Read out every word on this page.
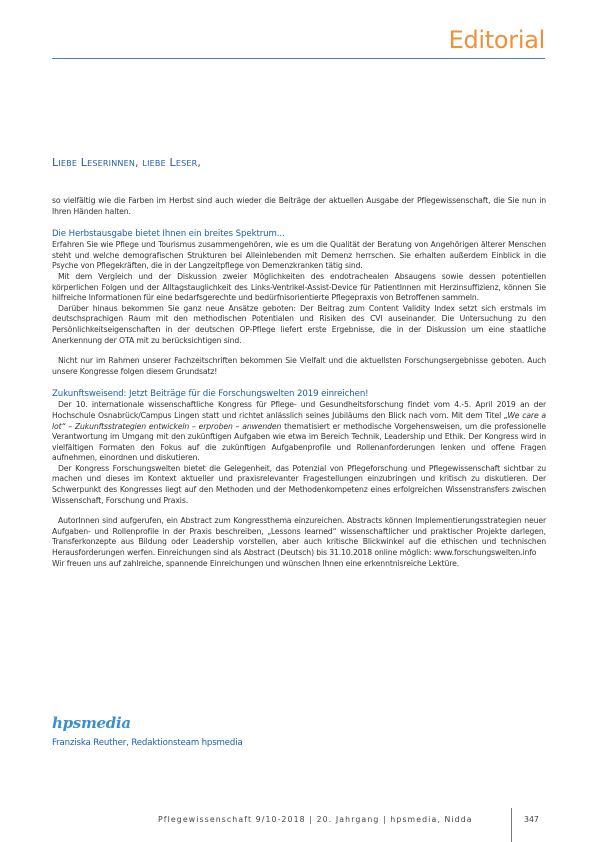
Editorial
Liebe Leserinnen, liebe Leser,

so vielfältig wie die Farben im Herbst sind auch wieder die Beiträge der aktuellen Ausgabe der Pflegewissenschaft, die Sie nun in Ihren Händen halten.

Die Herbstausgabe bietet Ihnen ein breites Spektrum...

Erfahren Sie wie Pflege und Tourismus zusammengehören, wie es um die Qualität der Beratung von Angehörigen älterer Menschen steht und welche demografischen Strukturen bei Alleinlebenden mit Demenz herrschen. Sie erhalten außerdem Einblick in die Psyche von Pflegekräften, die in der Langzeitpflege von Demenzkranken tätig sind.

Mit dem Vergleich und der Diskussion zweier Möglichkeiten des endotrachealen Absaugens sowie dessen potentiellen körperlichen Folgen und der Alltagstauglichkeit des Links-Ventrikel-Assist-Device für PatientInnen mit Herzinsuffizienz, können Sie hilfreiche Informationen für eine bedarfsgerechte und bedürfnisorientierte Pflegepraxis von Betroffenen sammeln.

Darüber hinaus bekommen Sie ganz neue Ansätze geboten: Der Beitrag zum Content Validity Index setzt sich erstmals im deutschsprachigen Raum mit den methodischen Potentialen und Risiken des CVI auseinander. Die Untersuchung zu den Persönlichkeitseigenschaften in der deutschen OP-Pflege liefert erste Ergebnisse, die in der Diskussion um eine staatliche Anerkennung der OTA mit zu berücksichtigen sind.

Nicht nur im Rahmen unserer Fachzeitschriften bekommen Sie Vielfalt und die aktuellsten Forschungsergebnisse geboten. Auch unsere Kongresse folgen diesem Grundsatz!

Zukunftsweisend: Jetzt Beiträge für die Forschungswelten 2019 einreichen!

Der 10. internationale wissenschaftliche Kongress für Pflege- und Gesundheitsforschung findet vom 4.-5. April 2019 an der Hochschule Osnabrück/Campus Lingen statt und richtet anlässlich seines Jubiläums den Blick nach vorn. Mit dem Titel „We care a lot“ – Zukunftsstrategien entwickeln – erproben – anwenden thematisiert er methodische Vorgehensweisen, um die professionelle Verantwortung im Umgang mit den zukünftigen Aufgaben wie etwa im Bereich Technik, Leadership und Ethik. Der Kongress wird in vielfältigen Formaten den Fokus auf die zukünftigen Aufgabenprofile und Rollenanforderungen lenken und offene Fragen aufnehmen, einordnen und diskutieren.

Der Kongress Forschungswelten bietet die Gelegenheit, das Potenzial von Pflegeforschung und Pflegewissenschaft sichtbar zu machen und dieses im Kontext aktueller und praxisrelevanter Fragestellungen einzubringen und kritisch zu diskutieren. Der Schwerpunkt des Kongresses liegt auf den Methoden und der Methodenkompetenz eines erfolgreichen Wissenstransfers zwischen Wissenschaft, Forschung und Praxis.

AutorInnen sind aufgerufen, ein Abstract zum Kongressthema einzureichen. Abstracts können Implementierungsstrategien neuer Aufgaben- und Rollenprofile in der Praxis beschreiben, „Lessons learned“ wissenschaftlicher und praktischer Projekte darlegen, Transferkonzepte aus Bildung oder Leadership vorstellen, aber auch kritische Blickwinkel auf die ethischen und technischen Herausforderungen werfen. Einreichungen sind als Abstract (Deutsch) bis 31.10.2018 online möglich: www.forschungswelten.info

Wir freuen uns auf zahlreiche, spannende Einreichungen und wünschen Ihnen eine erkenntnisreiche Lektüre.

hpsmedia
Franziska Reuther, Redaktionsteam hpsmedia
Pflegewissenschaft 9/10-2018 | 20. Jahrgang | hpsmedia, Nidda	347
